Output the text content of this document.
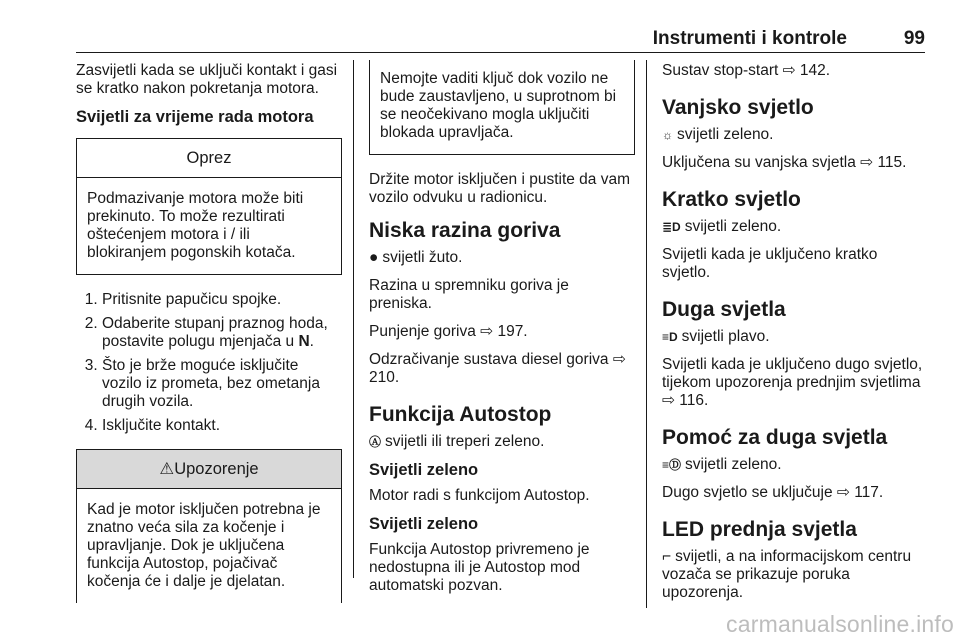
Instrumenti i kontrole	99

Zasvijetli kada se uključi kontakt i gasi se kratko nakon pokretanja motora.

Svijetli za vrijeme rada motora
Oprez
Podmazivanje motora može biti prekinuto. To može rezultirati oštećenjem motora i / ili blokiranjem pogonskih kotača.
1. Pritisnite papučicu spojke.
2. Odaberite stupanj praznog hoda, postavite polugu mjenjača u N.
3. Što je brže moguće isključite vozilo iz prometa, bez ometanja drugih vozila.
4. Isključite kontakt.
⚠Upozorenje
Kad je motor isključen potrebna je znatno veća sila za kočenje i upravljanje. Dok je uključena funkcija Autostop, pojačivač kočenja će i dalje je djelatan.
Nemojte vaditi ključ dok vozilo ne bude zaustavljeno, u suprotnom bi se neočekivano mogla uključiti blokada upravljača.

Držite motor isključen i pustite da vam vozilo odvuku u radionicu.

Niska razina goriva

● svijetli žuto.

Razina u spremniku goriva je preniska.

Punjenje goriva ⇨ 197.

Odzračivanje sustava diesel goriva ⇨ 210.

Funkcija Autostop

Ⓐ svijetli ili treperi zeleno.

Svijetli zeleno

Motor radi s funkcijom Autostop.

Svijetli zeleno

Funkcija Autostop privremeno je nedostupna ili je Autostop mod automatski pozvan.

Sustav stop-start ⇨ 142.

Vanjsko svjetlo

☼ svijetli zeleno.

Uključena su vanjska svjetla ⇨ 115.

Kratko svjetlo

≣D svijetli zeleno.

Svijetli kada je uključeno kratko svjetlo.

Duga svjetla

≡D svijetli plavo.

Svijetli kada je uključeno dugo svjetlo, tijekom upozorenja prednjim svjetlima ⇨ 116.

Pomoć za duga svjetla

≡Ⓓ svijetli zeleno.

Dugo svjetlo se uključuje ⇨ 117.

LED prednja svjetla

⌐ svijetli, a na informacijskom centru vozača se prikazuje poruka upozorenja.

carmanualsonline.info
